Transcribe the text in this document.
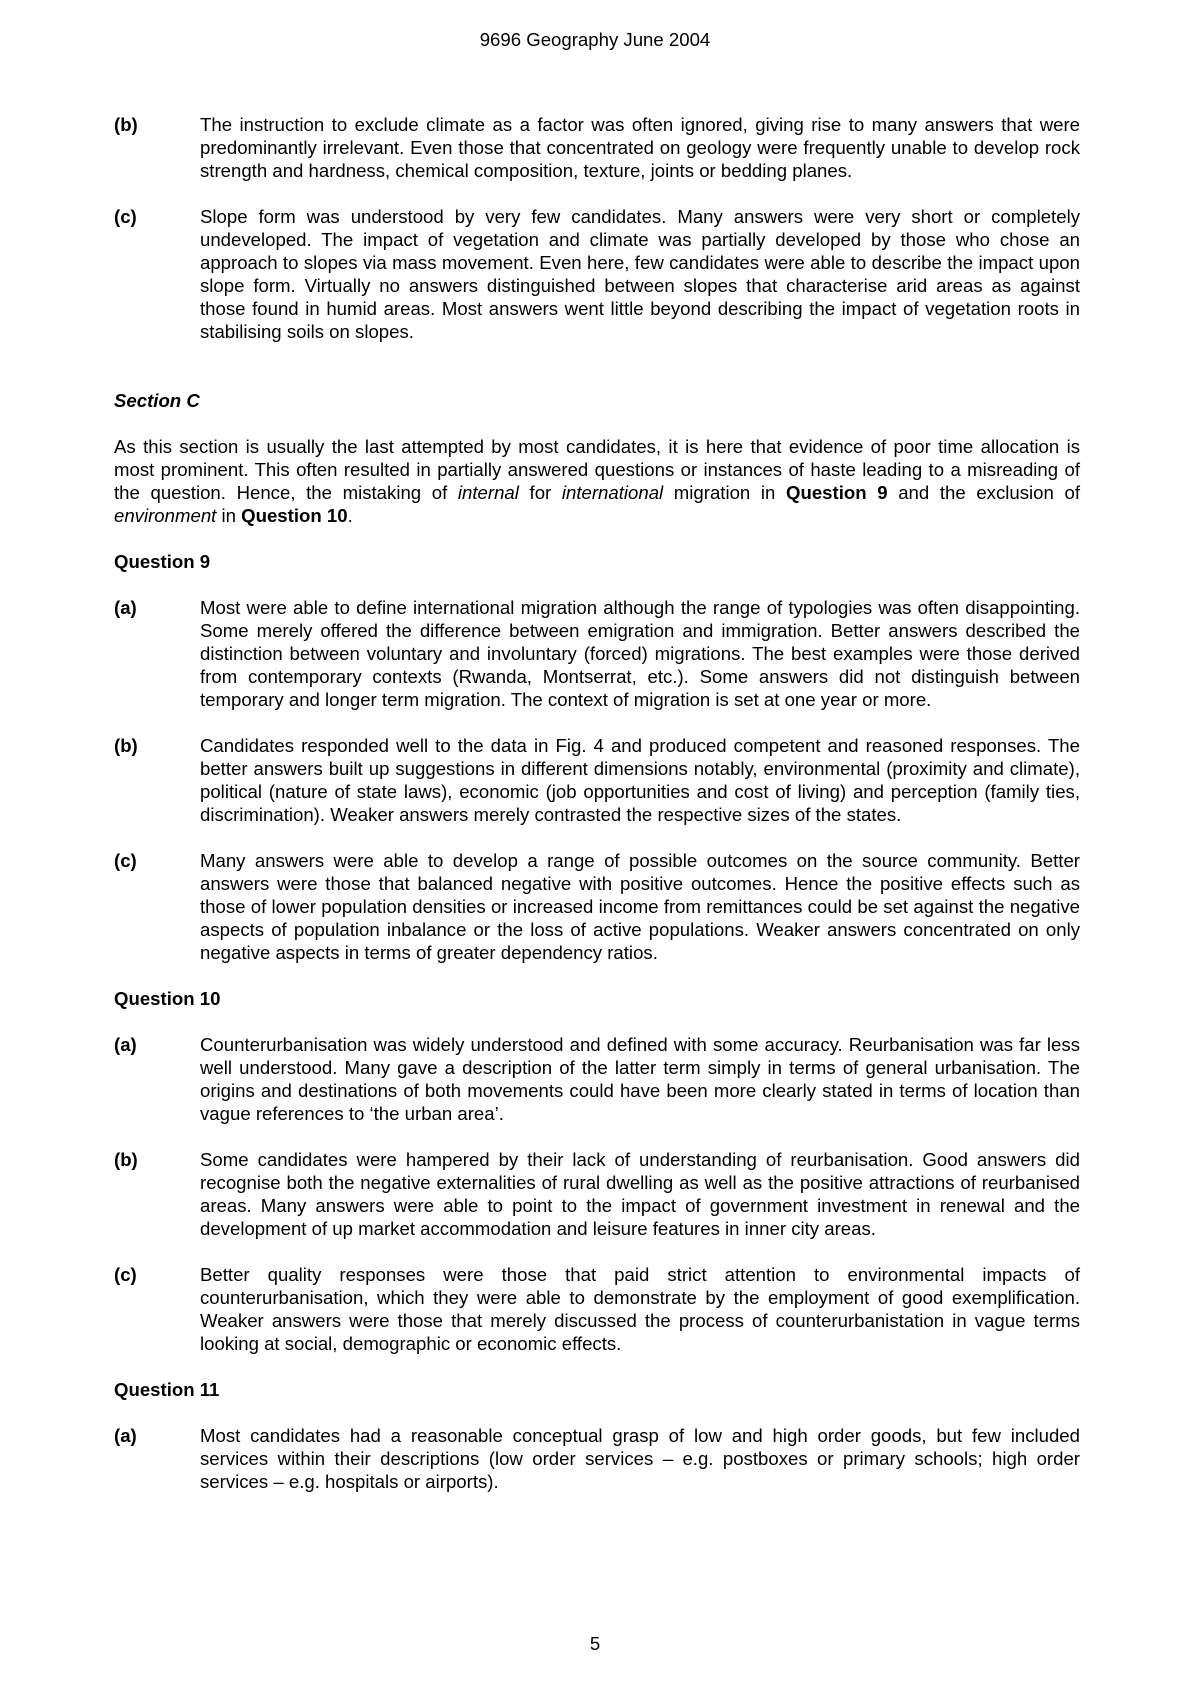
9696 Geography June 2004
(b)	The instruction to exclude climate as a factor was often ignored, giving rise to many answers that were predominantly irrelevant. Even those that concentrated on geology were frequently unable to develop rock strength and hardness, chemical composition, texture, joints or bedding planes.
(c)	Slope form was understood by very few candidates. Many answers were very short or completely undeveloped. The impact of vegetation and climate was partially developed by those who chose an approach to slopes via mass movement. Even here, few candidates were able to describe the impact upon slope form. Virtually no answers distinguished between slopes that characterise arid areas as against those found in humid areas. Most answers went little beyond describing the impact of vegetation roots in stabilising soils on slopes.
Section C
As this section is usually the last attempted by most candidates, it is here that evidence of poor time allocation is most prominent. This often resulted in partially answered questions or instances of haste leading to a misreading of the question. Hence, the mistaking of internal for international migration in Question 9 and the exclusion of environment in Question 10.
Question 9
(a)	Most were able to define international migration although the range of typologies was often disappointing. Some merely offered the difference between emigration and immigration. Better answers described the distinction between voluntary and involuntary (forced) migrations. The best examples were those derived from contemporary contexts (Rwanda, Montserrat, etc.). Some answers did not distinguish between temporary and longer term migration. The context of migration is set at one year or more.
(b)	Candidates responded well to the data in Fig. 4 and produced competent and reasoned responses. The better answers built up suggestions in different dimensions notably, environmental (proximity and climate), political (nature of state laws), economic (job opportunities and cost of living) and perception (family ties, discrimination). Weaker answers merely contrasted the respective sizes of the states.
(c)	Many answers were able to develop a range of possible outcomes on the source community. Better answers were those that balanced negative with positive outcomes. Hence the positive effects such as those of lower population densities or increased income from remittances could be set against the negative aspects of population inbalance or the loss of active populations. Weaker answers concentrated on only negative aspects in terms of greater dependency ratios.
Question 10
(a)	Counterurbanisation was widely understood and defined with some accuracy. Reurbanisation was far less well understood. Many gave a description of the latter term simply in terms of general urbanisation. The origins and destinations of both movements could have been more clearly stated in terms of location than vague references to ‘the urban area’.
(b)	Some candidates were hampered by their lack of understanding of reurbanisation. Good answers did recognise both the negative externalities of rural dwelling as well as the positive attractions of reurbanised areas. Many answers were able to point to the impact of government investment in renewal and the development of up market accommodation and leisure features in inner city areas.
(c)	Better quality responses were those that paid strict attention to environmental impacts of counterurbanisation, which they were able to demonstrate by the employment of good exemplification. Weaker answers were those that merely discussed the process of counterurbanistation in vague terms looking at social, demographic or economic effects.
Question 11
(a)	Most candidates had a reasonable conceptual grasp of low and high order goods, but few included services within their descriptions (low order services – e.g. postboxes or primary schools; high order services – e.g. hospitals or airports).
5
